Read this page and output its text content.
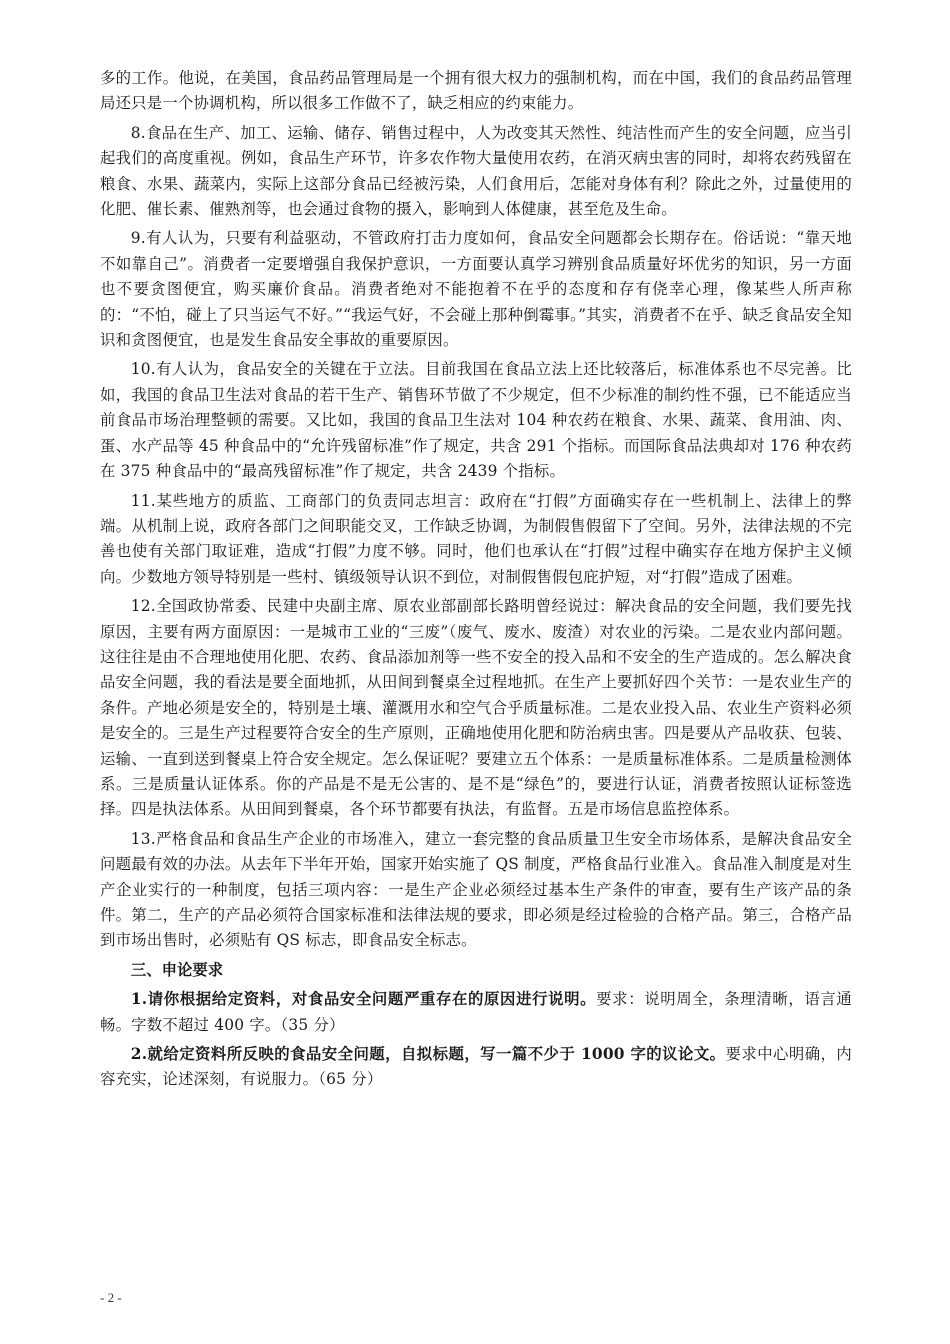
多的工作。他说，在美国，食品药品管理局是一个拥有很大权力的强制机构，而在中国，我们的食品药品管理局还只是一个协调机构，所以很多工作做不了，缺乏相应的约束能力。

8.食品在生产、加工、运输、储存、销售过程中，人为改变其天然性、纯洁性而产生的安全问题，应当引起我们的高度重视。例如，食品生产环节，许多农作物大量使用农药，在消灭病虫害的同时，却将农药残留在粮食、水果、蔬菜内，实际上这部分食品已经被污染，人们食用后，怎能对身体有利？除此之外，过量使用的化肥、催长素、催熟剂等，也会通过食物的摄入，影响到人体健康，甚至危及生命。

9.有人认为，只要有利益驱动，不管政府打击力度如何，食品安全问题都会长期存在。俗话说：“靠天地不如靠自己”。消费者一定要增强自我保护意识，一方面要认真学习辨别食品质量好坏优劣的知识，另一方面也不要贪图便宜，购买廉价食品。消费者绝对不能抱着不在乎的态度和存有侥幸心理，像某些人所声称的：“不怕，碰上了只当运气不好。”“我运气好，不会碰上那种倒霉事。”其实，消费者不在乎、缺乏食品安全知识和贪图便宜，也是发生食品安全事故的重要原因。

10.有人认为，食品安全的关键在于立法。目前我国在食品立法上还比较落后，标准体系也不尽完善。比如，我国的食品卫生法对食品的若干生产、销售环节做了不少规定，但不少标准的制约性不强，已不能适应当前食品市场治理整顿的需要。又比如，我国的食品卫生法对 104 种农药在粮食、水果、蔬菜、食用油、肉、蛋、水产品等 45 种食品中的“允许残留标准”作了规定，共含 291 个指标。而国际食品法典却对 176 种农药在 375 种食品中的“最高残留标准”作了规定，共含 2439 个指标。

11.某些地方的质监、工商部门的负责同志坦言：政府在“打假”方面确实存在一些机制上、法律上的弊端。从机制上说，政府各部门之间职能交叉，工作缺乏协调，为制假售假留下了空间。另外，法律法规的不完善也使有关部门取证难，造成“打假”力度不够。同时，他们也承认在“打假”过程中确实存在地方保护主义倾向。少数地方领导特别是一些村、镇级领导认识不到位，对制假售假包庇护短，对“打假”造成了困难。

12.全国政协常委、民建中央副主席、原农业部副部长路明曾经说过：解决食品的安全问题，我们要先找原因，主要有两方面原因：一是城市工业的“三废”（废气、废水、废渣）对农业的污染。二是农业内部问题。这往往是由不合理地使用化肥、农药、食品添加剂等一些不安全的投入品和不安全的生产造成的。怎么解决食品安全问题，我的看法是要全面地抓，从田间到餐桌全过程地抓。在生产上要抓好四个关节：一是农业生产的条件。产地必须是安全的，特别是土壤、灌溉用水和空气合乎质量标准。二是农业投入品、农业生产资料必须是安全的。三是生产过程要符合安全的生产原则，正确地使用化肥和防治病虫害。四是要从产品收获、包装、运输、一直到送到餐桌上符合安全规定。怎么保证呢？要建立五个体系：一是质量标准体系。二是质量检测体系。三是质量认证体系。你的产品是不是无公害的、是不是“绿色”的，要进行认证，消费者按照认证标签选择。四是执法体系。从田间到餐桌，各个环节都要有执法，有监督。五是市场信息监控体系。

13.严格食品和食品生产企业的市场准入，建立一套完整的食品质量卫生安全市场体系，是解决食品安全问题最有效的办法。从去年下半年开始，国家开始实施了 QS 制度，严格食品行业准入。食品准入制度是对生产企业实行的一种制度，包括三项内容：一是生产企业必须经过基本生产条件的审查，要有生产该产品的条件。第二，生产的产品必须符合国家标准和法律法规的要求，即必须是经过检验的合格产品。第三，合格产品到市场出售时，必须贴有 QS 标志，即食品安全标志。

三、申论要求

1.请你根据给定资料，对食品安全问题严重存在的原因进行说明。要求：说明周全，条理清晰，语言通畅。字数不超过 400 字。（35 分）

2.就给定资料所反映的食品安全问题，自拟标题，写一篇不少于 1000 字的议论文。要求中心明确，内容充实，论述深刻，有说服力。（65 分）

- 2 -
